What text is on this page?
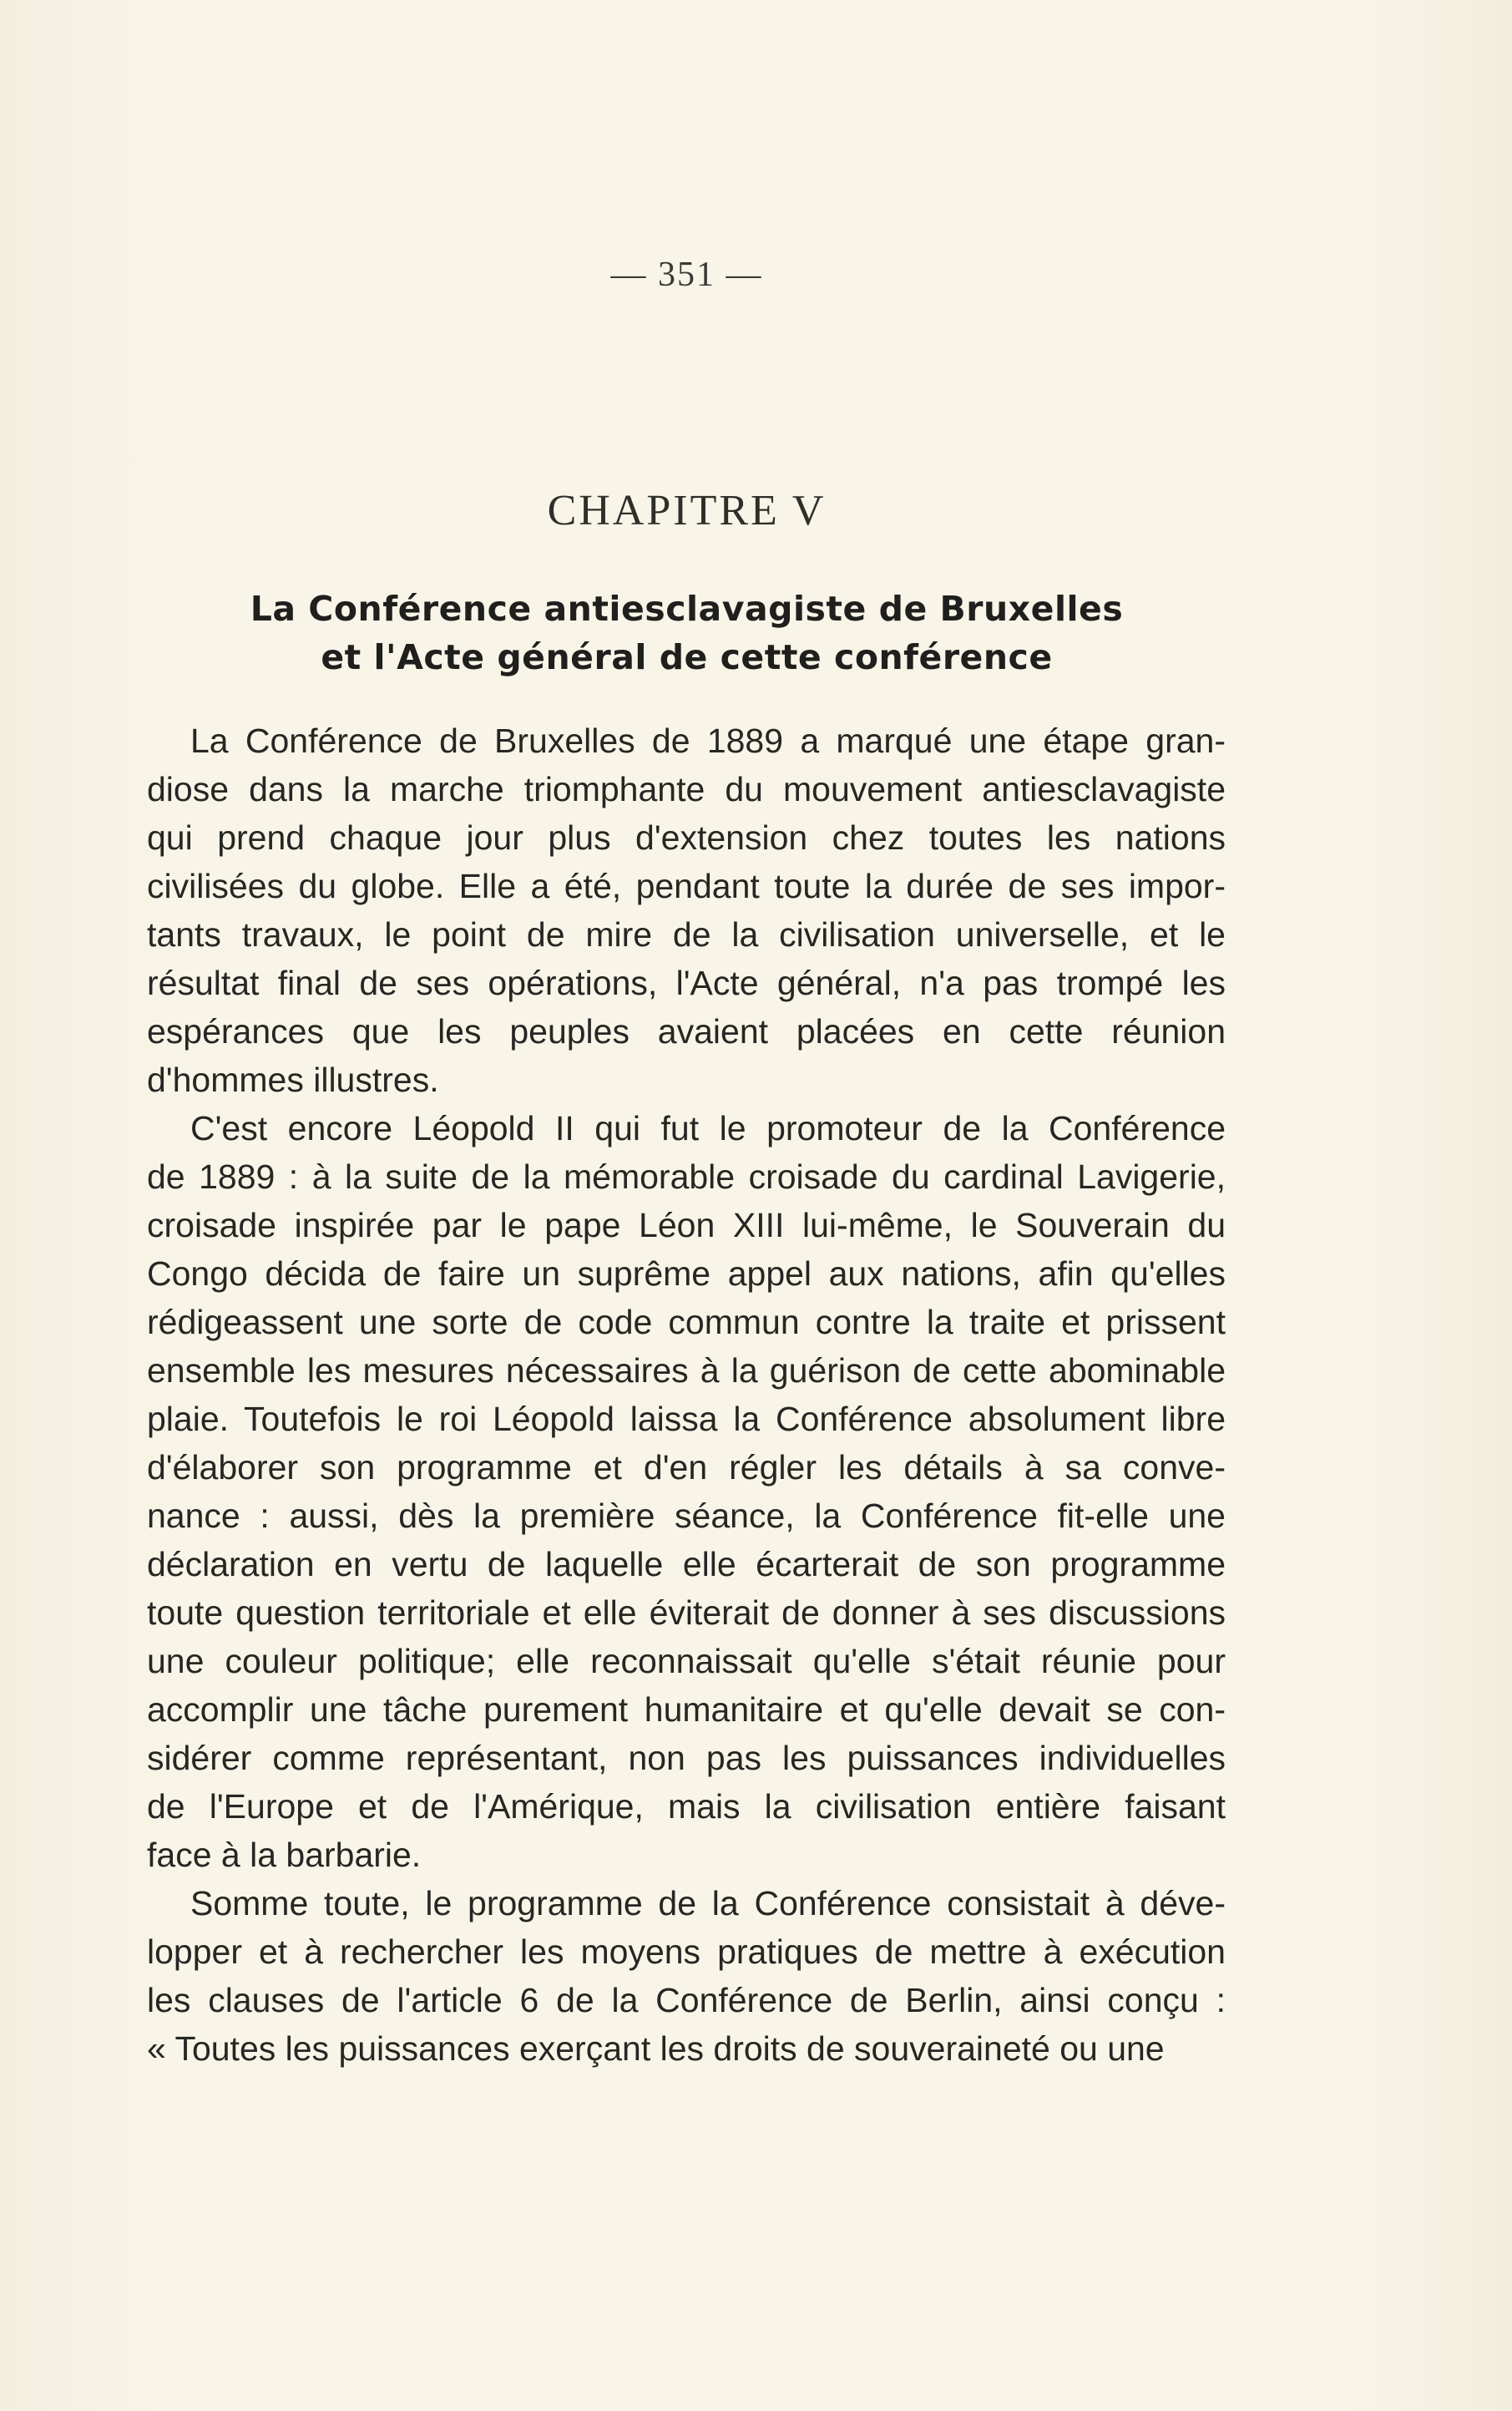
— 351 —
CHAPITRE V
La Conférence antiesclavagiste de Bruxelles
et l'Acte général de cette conférence

La Conférence de Bruxelles de 1889 a marqué une étape gran-
diose dans la marche triomphante du mouvement antiesclavagiste
qui prend chaque jour plus d'extension chez toutes les nations
civilisées du globe. Elle a été, pendant toute la durée de ses impor-
tants travaux, le point de mire de la civilisation universelle, et le
résultat final de ses opérations, l'Acte général, n'a pas trompé les
espérances que les peuples avaient placées en cette réunion
d'hommes illustres.

C'est encore Léopold II qui fut le promoteur de la Conférence
de 1889 : à la suite de la mémorable croisade du cardinal Lavigerie,
croisade inspirée par le pape Léon XIII lui-même, le Souverain du
Congo décida de faire un suprême appel aux nations, afin qu'elles
rédigeassent une sorte de code commun contre la traite et prissent
ensemble les mesures nécessaires à la guérison de cette abominable
plaie. Toutefois le roi Léopold laissa la Conférence absolument libre
d'élaborer son programme et d'en régler les détails à sa conve-
nance : aussi, dès la première séance, la Conférence fit-elle une
déclaration en vertu de laquelle elle écarterait de son programme
toute question territoriale et elle éviterait de donner à ses discussions
une couleur politique; elle reconnaissait qu'elle s'était réunie pour
accomplir une tâche purement humanitaire et qu'elle devait se con-
sidérer comme représentant, non pas les puissances individuelles
de l'Europe et de l'Amérique, mais la civilisation entière faisant
face à la barbarie.

Somme toute, le programme de la Conférence consistait à déve-
lopper et à rechercher les moyens pratiques de mettre à exécution
les clauses de l'article 6 de la Conférence de Berlin, ainsi conçu :
« Toutes les puissances exerçant les droits de souveraineté ou une
